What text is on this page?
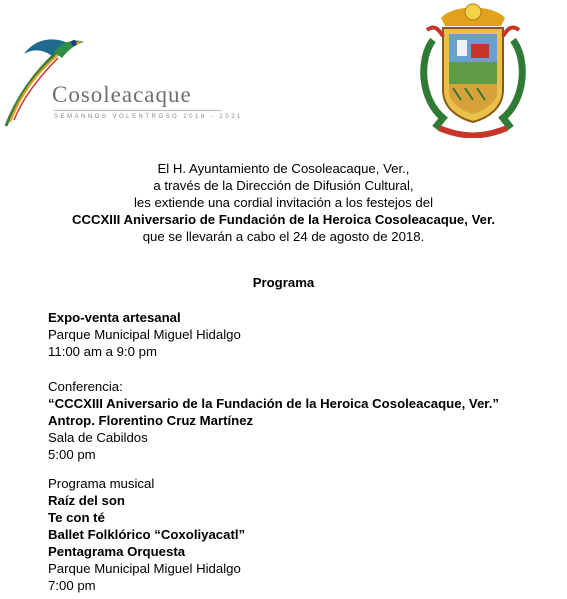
Cosoleacaque
SEMANNOS VOLENTROSO 2018 - 2021
El H. Ayuntamiento de Cosoleacaque, Ver.,
a través de la Dirección de Difusión Cultural,
les extiende una cordial invitación a los festejos del
CCCXIII Aniversario de Fundación de la Heroica Cosoleacaque, Ver.
que se llevarán a cabo el 24 de agosto de 2018.
Programa
Expo-venta artesanal
Parque Municipal Miguel Hidalgo
11:00 am a 9:0 pm
Conferencia:
“CCCXIII Aniversario de la Fundación de la Heroica Cosoleacaque, Ver.”
Antrop. Florentino Cruz Martínez
Sala de Cabildos
5:00 pm
Programa musical
Raíz del son
Te con té
Ballet Folklórico “Coxoliyacatl”
Pentagrama Orquesta
Parque Municipal Miguel Hidalgo
7:00 pm
